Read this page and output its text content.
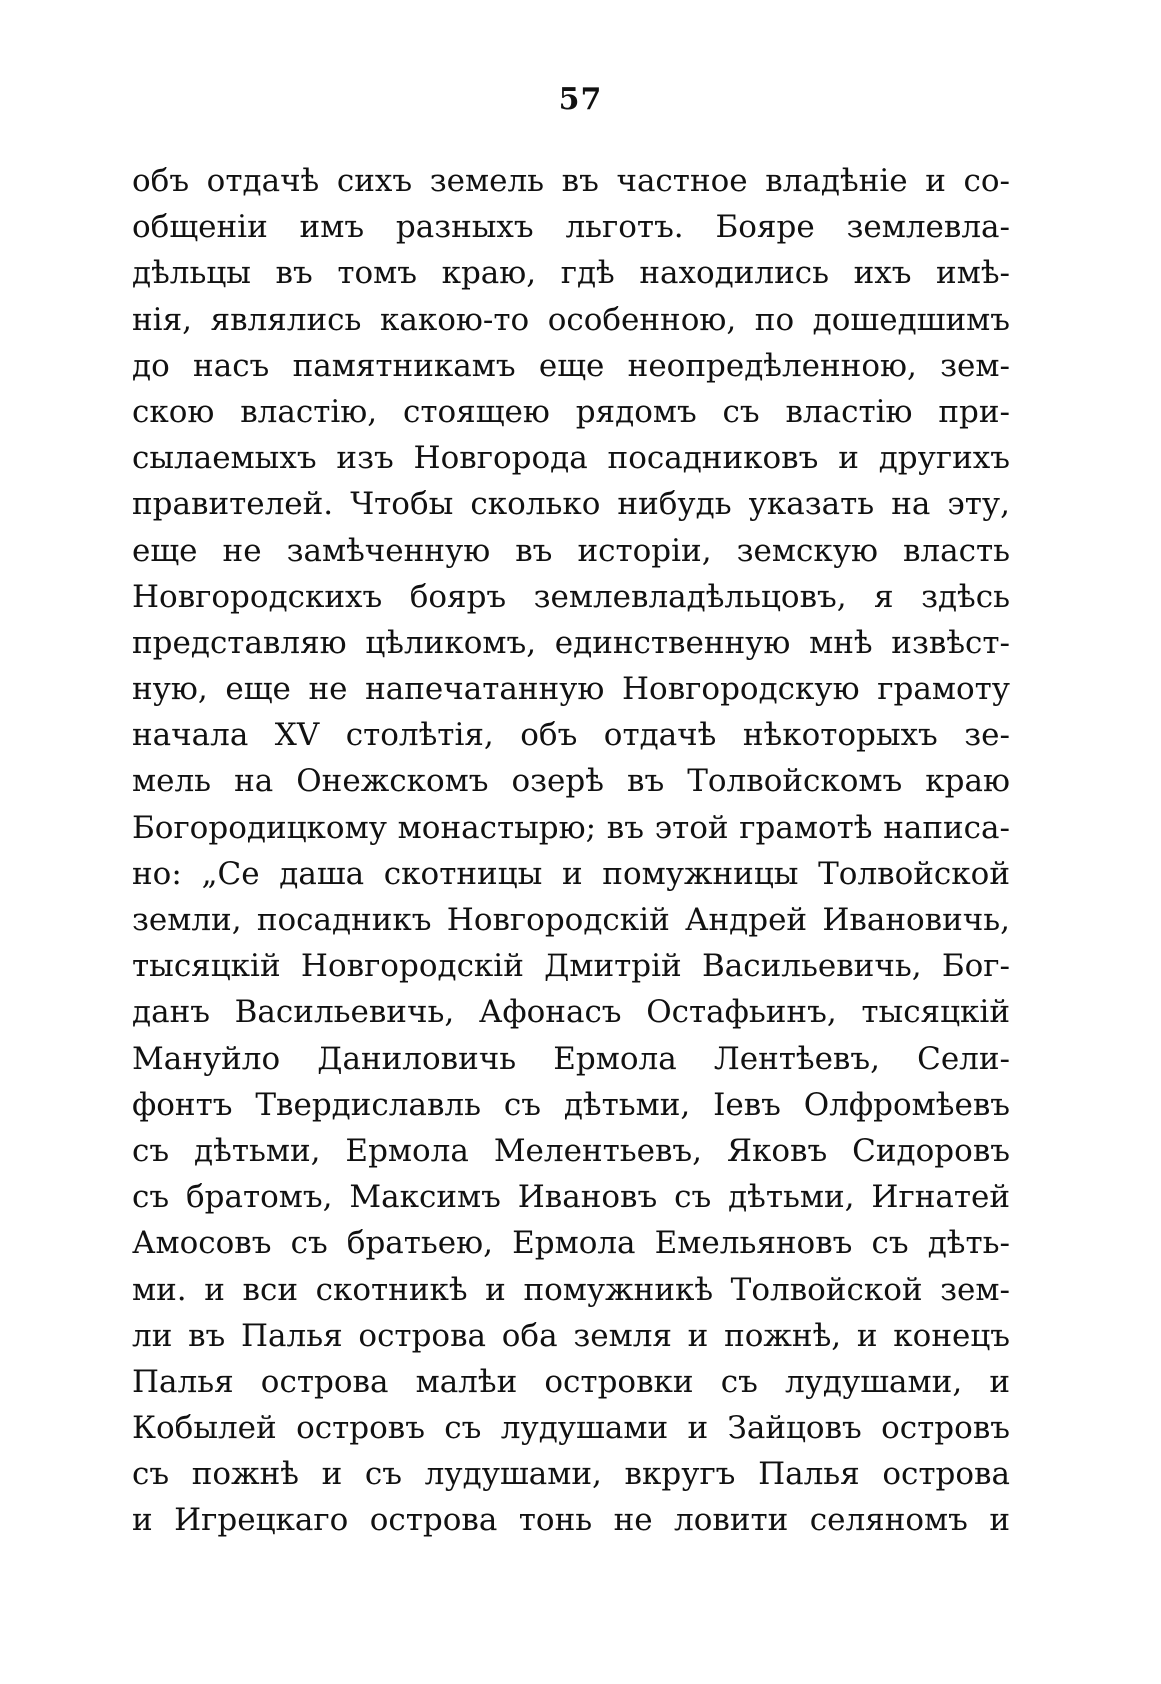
57
объ отдачѣ сихъ земель въ частное владѣніе и со-
общеніи имъ разныхъ льготъ. Бояре землевла-
дѣльцы въ томъ краю, гдѣ находились ихъ имѣ-
нія, являлись какою-то особенною, по дошедшимъ
до насъ памятникамъ еще неопредѣленною, зем-
скою властію, стоящею рядомъ съ властію при-
сылаемыхъ изъ Новгорода посадниковъ и другихъ
правителей. Чтобы сколько нибудь указать на эту,
еще не замѣченную въ исторіи, земскую власть
Новгородскихъ бояръ землевладѣльцовъ, я здѣсь
представляю цѣликомъ, единственную мнѣ извѣст-
ную, еще не напечатанную Новгородскую грамоту
начала XV столѣтія, объ отдачѣ нѣкоторыхъ зе-
мель на Онежскомъ озерѣ въ Толвойскомъ краю
Богородицкому монастырю; въ этой грамотѣ написа-
но: „Се даша скотницы и помужницы Толвойской
земли, посадникъ Новгородскій Андрей Ивановичь,
тысяцкій Новгородскій Дмитрій Васильевичь, Бог-
данъ Васильевичь, Афонасъ Остафьинъ, тысяцкій
Мануйло Даниловичь Ермола Лентѣевъ, Сели-
фонтъ Твердиславль съ дѣтьми, Іевъ Олфромѣевъ
съ дѣтьми, Ермола Мелентьевъ, Яковъ Сидоровъ
съ братомъ, Максимъ Ивановъ съ дѣтьми, Игнатей
Амосовъ съ братьею, Ермола Емельяновъ съ дѣть-
ми. и вси скотникѣ и помужникѣ Толвойской зем-
ли въ Палья острова оба земля и пожнѣ, и конецъ
Палья острова малѣи островки съ лудушами, и
Кобылей островъ съ лудушами и Зайцовъ островъ
съ пожнѣ и съ лудушами, вкругъ Палья острова
и Игрецкаго острова тонь не ловити селяномъ и
